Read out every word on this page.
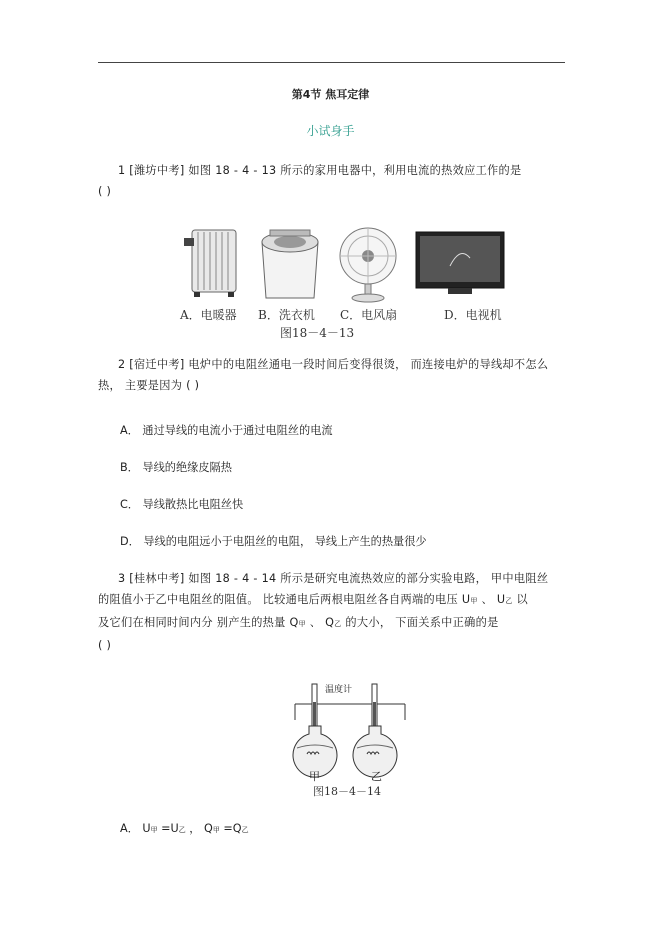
第4节 焦耳定律
小试身手
1 [潍坊中考] 如图 18 - 4 - 13 所示的家用电器中，利用电流的热效应工作的是
( )
A．电暖器	B．洗衣机	C．电风扇	D．电视机
图18－4－13
2 [宿迁中考] 电炉中的电阻丝通电一段时间后变得很烫， 而连接电炉的导线却不怎么
热， 主要是因为 ( )
A． 通过导线的电流小于通过电阻丝的电流
B． 导线的绝缘皮隔热
C． 导线散热比电阻丝快
D． 导线的电阻远小于电阻丝的电阻， 导线上产生的热量很少
3 [桂林中考] 如图 18 - 4 - 14 所示是研究电流热效应的部分实验电路， 甲中电阻丝
的阻值小于乙中电阻丝的阻值。 比较通电后两根电阻丝各自两端的电压 U甲 、 U乙 以
及它们在相同时间内分 别产生的热量 Q甲 、 Q乙 的大小， 下面关系中正确的是
( )
温度计
甲	乙
图18－4－14
A． U甲 =U乙 ， Q甲 =Q乙
